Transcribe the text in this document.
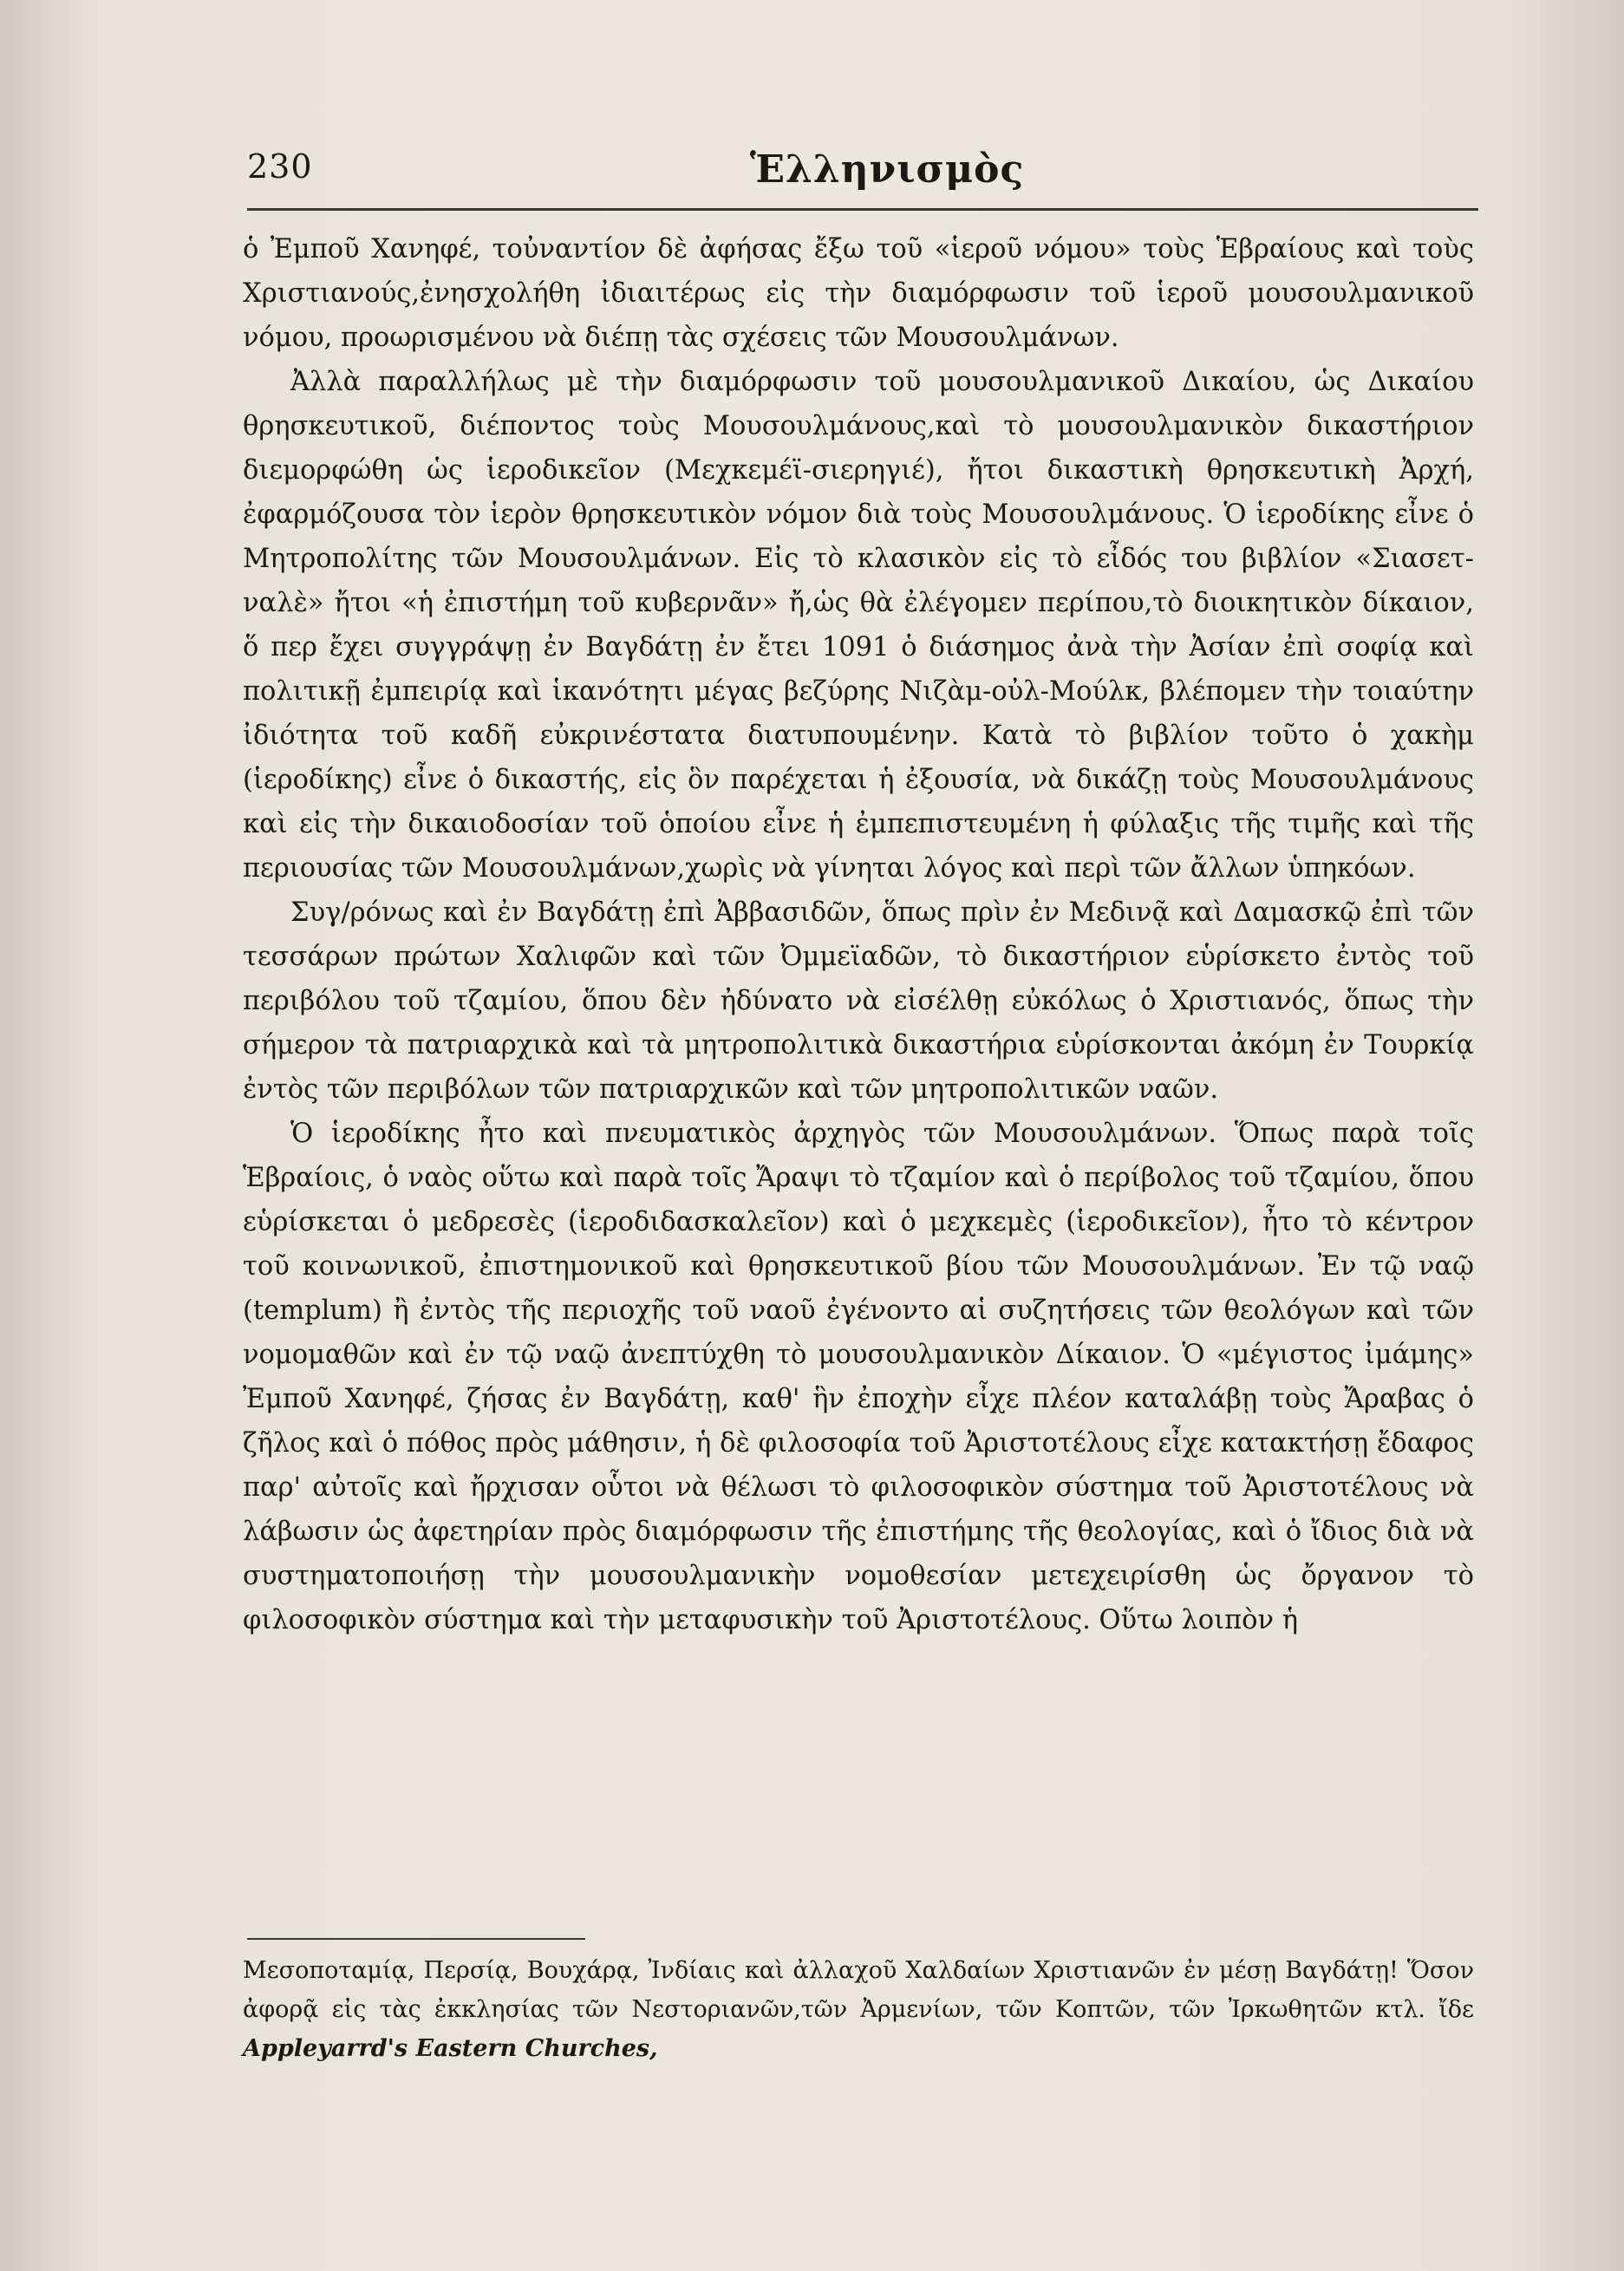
230	Ἑλληνισμὸς

ὁ Ἐμποῦ Χανηφέ, τοὐναντίον δὲ ἀφήσας ἔξω τοῦ «ἱεροῦ νόμου» τοὺς Ἑβραίους καὶ τοὺς Χριστιανούς,ἐνησχολήθη ἰδιαιτέρως εἰς τὴν διαμόρφωσιν τοῦ ἱεροῦ μουσουλμανικοῦ νόμου, προωρισμένου νὰ διέπῃ τὰς σχέσεις τῶν Μουσουλμάνων.

Ἀλλὰ παραλλήλως μὲ τὴν διαμόρφωσιν τοῦ μουσουλμανικοῦ Δικαίου, ὡς Δικαίου θρησκευτικοῦ, διέποντος τοὺς Μουσουλμάνους,καὶ τὸ μουσουλμανικὸν δικαστήριον διεμορφώθη ὡς ἱεροδικεῖον (Μεχκεμέϊ-σιερηγιέ), ἤτοι δικαστικὴ θρησκευτικὴ Ἀρχή, ἐφαρμόζουσα τὸν ἱερὸν θρησκευτικὸν νόμον διὰ τοὺς Μουσουλμάνους. Ὁ ἱεροδίκης εἶνε ὁ Μητροπολίτης τῶν Μουσουλμάνων. Εἰς τὸ κλασικὸν εἰς τὸ εἶδός του βιβλίον «Σιασετ-ναλὲ» ἤτοι «ἡ ἐπιστήμη τοῦ κυβερνᾶν» ἤ,ὡς θὰ ἐλέγομεν περίπου,τὸ διοικητικὸν δίκαιον, ὅ περ ἔχει συγγράψῃ ἐν Βαγδάτῃ ἐν ἔτει 1091 ὁ διάσημος ἀνὰ τὴν Ἀσίαν ἐπὶ σοφίᾳ καὶ πολιτικῇ ἐμπειρίᾳ καὶ ἱκανότητι μέγας βεζύρης Νιζὰμ-οὐλ-Μούλκ, βλέπομεν τὴν τοιαύτην ἰδιότητα τοῦ καδῆ εὐκρινέστατα διατυπουμένην. Κατὰ τὸ βιβλίον τοῦτο ὁ χακὴμ (ἱεροδίκης) εἶνε ὁ δικαστής, εἰς ὃν παρέχεται ἡ ἐξουσία, νὰ δικάζῃ τοὺς Μουσουλμάνους καὶ εἰς τὴν δικαιοδοσίαν τοῦ ὁποίου εἶνε ἡ ἐμπεπιστευμένη ἡ φύλαξις τῆς τιμῆς καὶ τῆς περιουσίας τῶν Μουσουλμάνων,χωρὶς νὰ γίνηται λόγος καὶ περὶ τῶν ἄλλων ὑπηκόων.

Συγ/ρόνως καὶ ἐν Βαγδάτῃ ἐπὶ Ἀββασιδῶν, ὅπως πρὶν ἐν Μεδινᾷ καὶ Δαμασκῷ ἐπὶ τῶν τεσσάρων πρώτων Χαλιφῶν καὶ τῶν Ὀμμεϊαδῶν, τὸ δικαστήριον εὑρίσκετο ἐντὸς τοῦ περιβόλου τοῦ τζαμίου, ὅπου δὲν ἠδύνατο νὰ εἰσέλθῃ εὐκόλως ὁ Χριστιανός, ὅπως τὴν σήμερον τὰ πατριαρχικὰ καὶ τὰ μητροπολιτικὰ δικαστήρια εὑρίσκονται ἀκόμη ἐν Τουρκίᾳ ἐντὸς τῶν περιβόλων τῶν πατριαρχικῶν καὶ τῶν μητροπολιτικῶν ναῶν.

Ὁ ἱεροδίκης ἦτο καὶ πνευματικὸς ἀρχηγὸς τῶν Μουσουλμάνων. Ὅπως παρὰ τοῖς Ἑβραίοις, ὁ ναὸς οὕτω καὶ παρὰ τοῖς Ἄραψι τὸ τζαμίον καὶ ὁ περίβολος τοῦ τζαμίου, ὅπου εὑρίσκεται ὁ μεδρεσὲς (ἱεροδιδασκαλεῖον) καὶ ὁ μεχκεμὲς (ἱεροδικεῖον), ἦτο τὸ κέντρον τοῦ κοινωνικοῦ, ἐπιστημονικοῦ καὶ θρησκευτικοῦ βίου τῶν Μουσουλμάνων. Ἐν τῷ ναῷ (templum) ἢ ἐντὸς τῆς περιοχῆς τοῦ ναοῦ ἐγένοντο αἱ συζητήσεις τῶν θεολόγων καὶ τῶν νομομαθῶν καὶ ἐν τῷ ναῷ ἀνεπτύχθη τὸ μουσουλμανικὸν Δίκαιον. Ὁ «μέγιστος ἰμάμης» Ἐμποῦ Χανηφέ, ζήσας ἐν Βαγδάτῃ, καθ' ἣν ἐποχὴν εἶχε πλέον καταλάβῃ τοὺς Ἄραβας ὁ ζῆλος καὶ ὁ πόθος πρὸς μάθησιν, ἡ δὲ φιλοσοφία τοῦ Ἀριστοτέλους εἶχε κατακτήσῃ ἔδαφος παρ' αὐτοῖς καὶ ἤρχισαν οὗτοι νὰ θέλωσι τὸ φιλοσοφικὸν σύστημα τοῦ Ἀριστοτέλους νὰ λάβωσιν ὡς ἀφετηρίαν πρὸς διαμόρφωσιν τῆς ἐπιστήμης τῆς θεολογίας, καὶ ὁ ἴδιος διὰ νὰ συστηματοποιήσῃ τὴν μουσουλμανικὴν νομοθεσίαν μετεχειρίσθη ὡς ὄργανον τὸ φιλοσοφικὸν σύστημα καὶ τὴν μεταφυσικὴν τοῦ Ἀριστοτέλους. Οὕτω λοιπὸν ἡ

Μεσοποταμίᾳ, Περσίᾳ, Βουχάρᾳ, Ἰνδίαις καὶ ἀλλαχοῦ Χαλδαίων Χριστιανῶν ἐν μέσῃ Βαγδάτῃ! Ὅσον ἀφορᾷ εἰς τὰς ἐκκλησίας τῶν Νεστοριανῶν,τῶν Ἀρμενίων, τῶν Κοπτῶν, τῶν Ἰρκωθητῶν κτλ. ἴδε Appleyarrd's Eastern Churches,
